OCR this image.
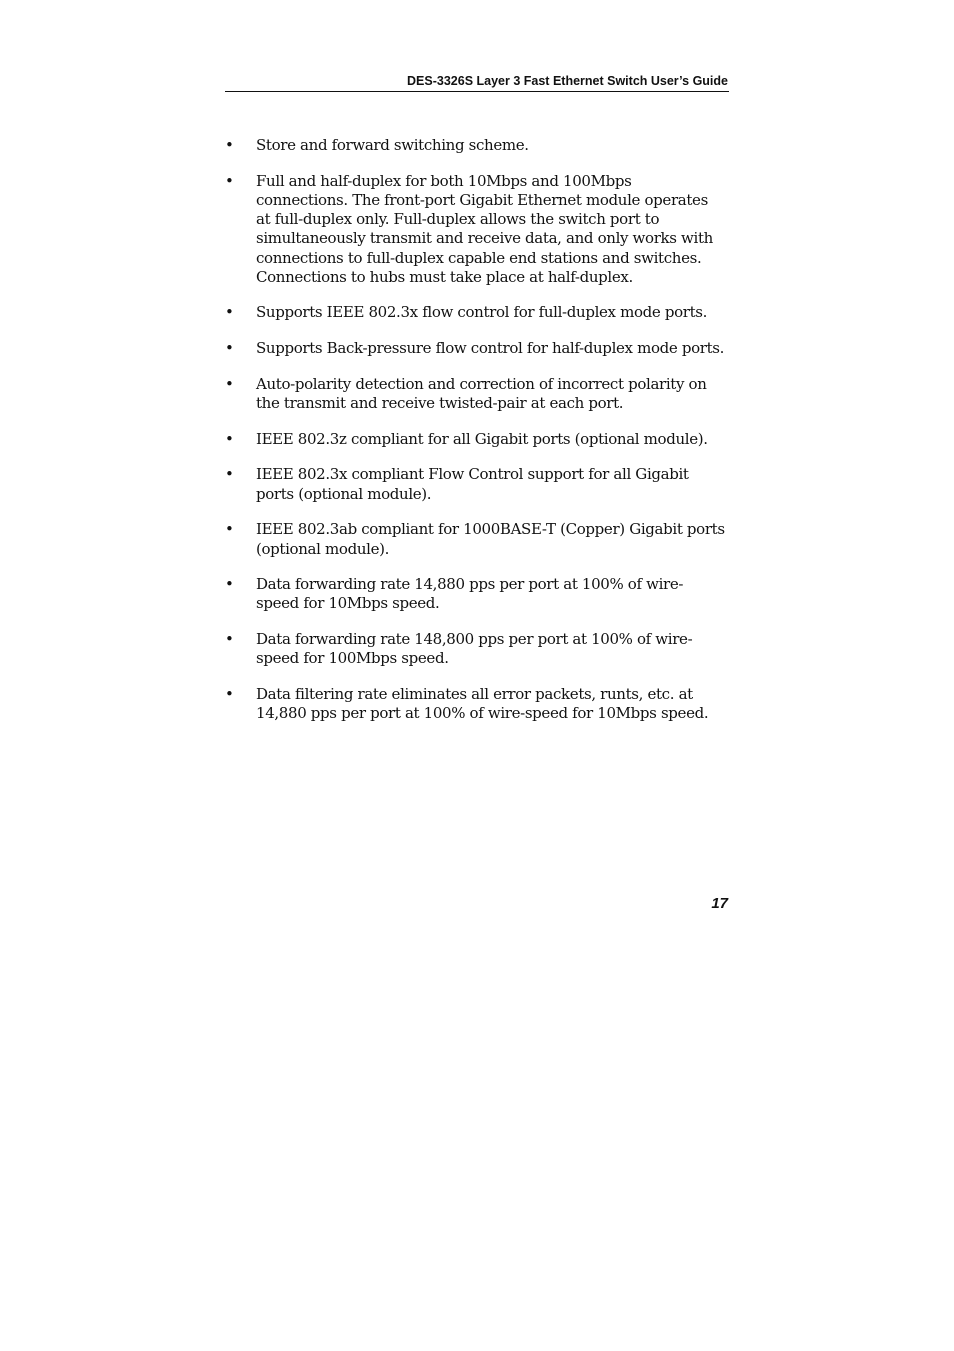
DES-3326S Layer 3 Fast Ethernet Switch User’s Guide
• Store and forward switching scheme.
• Full and half-duplex for both 10Mbps and 100Mbps connections. The front-port Gigabit Ethernet module operates at full-duplex only. Full-duplex allows the switch port to simultaneously transmit and receive data, and only works with connections to full-duplex capable end stations and switches. Connections to hubs must take place at half-duplex.
• Supports IEEE 802.3x flow control for full-duplex mode ports.
• Supports Back-pressure flow control for half-duplex mode ports.
• Auto-polarity detection and correction of incorrect polarity on the transmit and receive twisted-pair at each port.
• IEEE 802.3z compliant for all Gigabit ports (optional module).
• IEEE 802.3x compliant Flow Control support for all Gigabit ports (optional module).
• IEEE 802.3ab compliant for 1000BASE-T (Copper) Gigabit ports (optional module).
• Data forwarding rate 14,880 pps per port at 100% of wire-speed for 10Mbps speed.
• Data forwarding rate 148,800 pps per port at 100% of wire-speed for 100Mbps speed.
• Data filtering rate eliminates all error packets, runts, etc. at 14,880 pps per port at 100% of wire-speed for 10Mbps speed.
17
